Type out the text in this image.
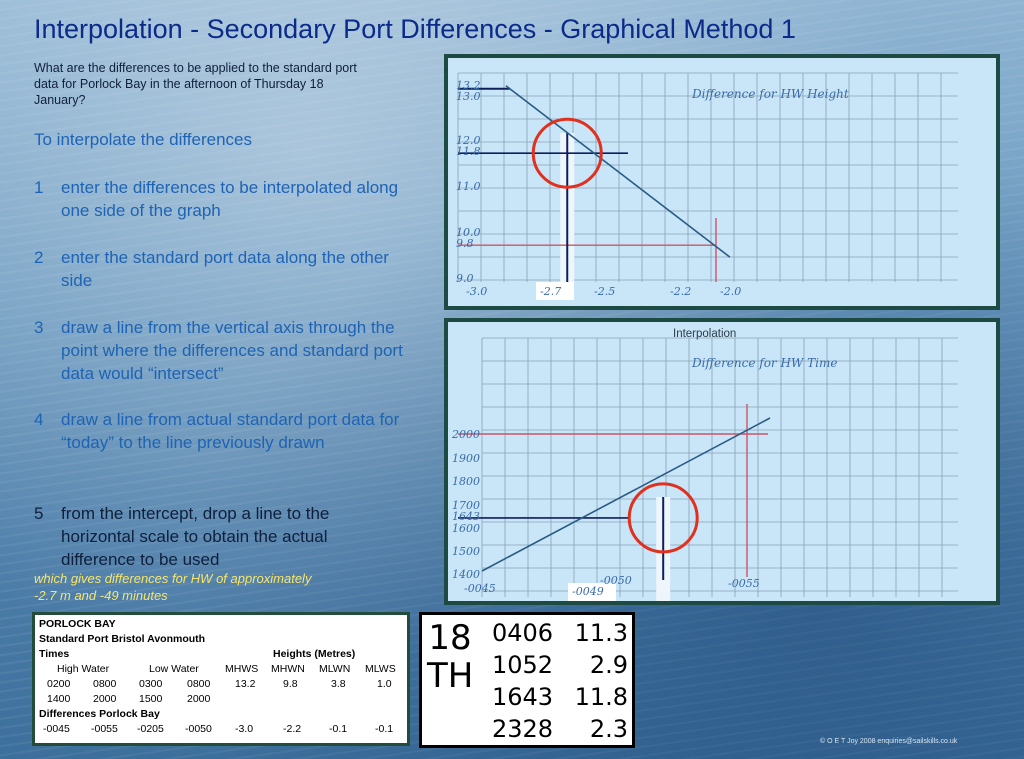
Interpolation - Secondary Port Differences - Graphical Method 1

What are the differences to be applied to the standard port data for Porlock Bay in the afternoon of Thursday 18 January?

To interpolate the differences

1 enter the differences to be interpolated along one side of the graph
2 enter the standard port data along the other side
3 draw a line from the vertical axis through the point where the differences and standard port data would “intersect”
4 draw a line from actual standard port data for “today” to the line previously drawn
5 from the intercept, drop a line to the horizontal scale to obtain the actual difference to be used
which gives differences for HW of approximately
-2.7 m and -49 minutes
13.2
13.0
12.0
11.8
11.0
10.0
9.8
9.0
-3.0	-2.7	-2.5	-2.2	-2.0
Difference for HW Height
Interpolation
2000
1900
1800
1700
1643
1600
1500
1400
-0045	-0049
-0050	-0055
Difference for HW Time
PORLOCK BAY
Standard Port Bristol Avonmouth
Times	Heights (Metres)
High Water	Low Water MHWS MHWN MLWN MLWS
0200 0800 0300 0800 13.2	9.8	3.8	1.0
1400 2000 1500 2000
Differences Porlock Bay
-0045 -0055 -0205 -0050 -3.0	-2.2	-0.1	-0.1
18
TH
0406 11.3
1052 2.9
1643 11.8
2328 2.3	© O E T Joy 2008 enquiries@sailskills.co.uk
